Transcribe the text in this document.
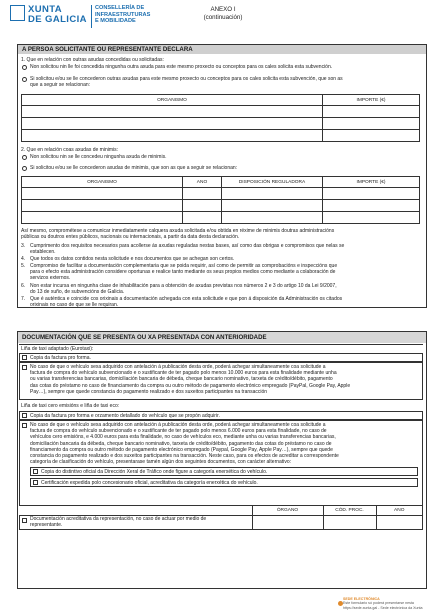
XUNTA
DE GALICIA
CONSELLERÍA DE
INFRAESTRUTURAS
E MOBILIDADE
ANEXO I
(continuación)
A PERSOA SOLICITANTE OU REPRESENTANTE DECLARA
1. Que en relación con outras axudas concedidas ou solicitadas:
Non solicitou nin lle foi concedida ningunha outra axuda para este mesmo proxecto ou conceptos para os cales solicita esta subvención.
Si solicitou e/ou se lle concederon outras axudas para este mesmo proxecto ou conceptos para os cales solicita esta subvención, que son as
que a seguir se relacionan:
ORGANISMO	IMPORTE (€)

2. Que en relación coas axudas de minimis:
Non solicitou nin se lle concedeu ningunha axuda de minimis.
Si solicitou e/ou se lle concederon axudas de minimis, que son as que a seguir se relacionan:
ORGANISMO	ANO	DISPOSICIÓN REGULADORA	IMPORTE (€)

Así mesmo, comprométese a comunicar inmediatamente calquera axuda solicitada e/ou obtida en réxime de minimis doutras administracións
públicas ou doutros entes públicos, nacionais ou internacionais, a partir da data desta declaración.
3. Cumprimento dos requisitos necesarios para acollerse ás axudas reguladas nestas bases, así como das obrigas e compromisos que nelas se
establecen.
4. Que todos os datos contidos nesta solicitude e nos documentos que se achegan son certos.
5. Compromiso de facilitar a documentación complementaria que se poida requirir, así como de permitir as comprobacións e inspeccións que
para o efecto esta administración considere oportunas e realice tanto mediante os seus propios medios como mediante a colaboración de
servizos externos.
6. Non estar incursa en ningunha clase de inhabilitación para a obtención de axudas previstas nos números 2 e 3 do artigo 10 da Lei 9/2007,
do 13 de xuño, de subvencións de Galicia.
7. Que é auténtica e coincide cos orixinais a documentación achegada con esta solicitude e que pon á disposición da Administración os citados
orixinais no caso de que se lle requiran.
DOCUMENTACIÓN QUE SE PRESENTA OU XA PRESENTADA CON ANTERIORIDADE
Liña de taxi adaptado (Eurotaxi):
Copia da factura pro forma.
No caso de que o vehículo sexa adquirido con antelación á publicación desta orde, poderá achegar simultaneamente coa solicitude a
factura de compra do vehículo subvencionado e o xustificante de ter pagado polo menos 10.000 euros para esta finalidade mediante unha
ou varias transferencias bancarias, domiciliación bancaria de débeda, cheque bancario nominativo, tarxeta de crédito/débito, pagamento
das cotas do préstamo no caso de financiamento da compra ou outro método de pagamento electrónico empregado (PayPal, Google Pay, Apple
Pay…), sempre que quede constancia do pagamento realizado e dos suxeitos participantes na transacción
Liña de taxi cero emisións e liña de taxi eco:
Copia da factura pro forma e orzamento detallado do vehículo que se propón adquirir.
No caso de que o vehículo sexa adquirido con antelación á publicación desta orde, poderá achegar simultaneamente coa solicitude a
factura de compra do vehículo subvencionado e o xustificante de ter pagado polo menos 6.000 euros para esta finalidade, no caso de
vehículos cero emisións, e 4.000 euros para esta finalidade, no caso de vehículos eco, mediante unha ou varias transferencias bancarias,
domiciliación bancaria da débeda, cheque bancario nominativo, tarxeta de crédito/débito, pagamento das cotas do préstamo no caso de
financiamento da compra ou outro método de pagamento electrónico empregado (Paypal, Google Pay, Apple Pay…), sempre que quede
constancia do pagamento realizado e dos suxeitos participantes na transacción. Neste caso, para os efectos de acreditar a correspondente
categoría de clasificación do vehículo, presentarase tamén algún dos seguintes documentos, con carácter alternativo:
Copia do distintivo oficial da Dirección Xeral de Tráfico onde figure a categoría enerxética do vehículo.
Certificación expedida polo concesionario oficial, acreditativa da categoría enerxética do vehículo.
	ÓRGANO	CÓD. PROC.	ANO

Documentación acreditativa da representación, no caso de actuar por medio de
representante.
SEDE ELECTRÓNICA
Este formulario só poderá presentarse nesta
https://sede.xunta.gal - Sede electrónica da Xunta
